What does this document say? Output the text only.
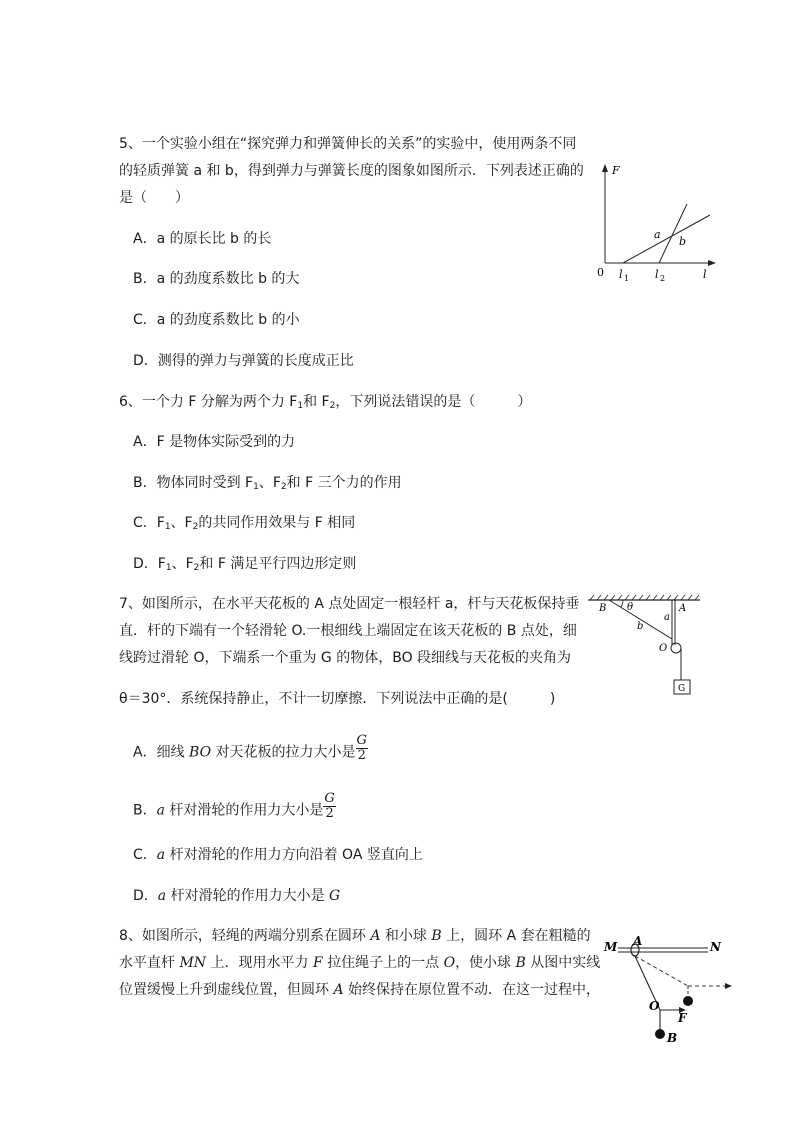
5、一个实验小组在“探究弹力和弹簧伸长的关系”的实验中，使用两条不同
的轻质弹簧 a 和 b，得到弹力与弹簧长度的图象如图所示．下列表述正确的
是（　　）
A．a 的原长比 b 的长
B．a 的劲度系数比 b 的大
C．a 的劲度系数比 b 的小
D．测得的弹力与弹簧的长度成正比
F
l
0
a
b
l 1 l 2
6、一个力 F 分解为两个力 $F_1$和 $F_2$，下列说法错误的是（　　　）
A．F 是物体实际受到的力
B．物体同时受到 $F_1$、$F_2$和 F 三个力的作用
C．$F_1$、$F_2$的共同作用效果与 F 相同
D．$F_1$、$F_2$和 F 满足平行四边形定则
7、如图所示，在水平天花板的 A 点处固定一根轻杆 a，杆与天花板保持垂
直．杆的下端有一个轻滑轮 O.一根细线上端固定在该天花板的 B 点处，细
线跨过滑轮 O，下端系一个重为 G 的物体，BO 段细线与天花板的夹角为
θ＝30°．系统保持静止，不计一切摩擦．下列说法中正确的是(　　　)
A．细线 BO 对天花板的拉力大小是 $\frac{G}{2}$
B．a 杆对滑轮的作用力大小是 $\frac{G}{2}$
C．a 杆对滑轮的作用力方向沿着 OA 竖直向上
D．a 杆对滑轮的作用力大小是 G
B θ	A
a
b
O
G
8、如图所示，轻绳的两端分别系在圆环 A 和小球 B 上，圆环 A 套在粗糙的
水平直杆 MN 上．现用水平力 F 拉住绳子上的一点 O，使小球 B 从图中实线
位置缓慢上升到虚线位置，但圆环 A 始终保持在原位置不动．在这一过程中，
M A	N
O
F
B
